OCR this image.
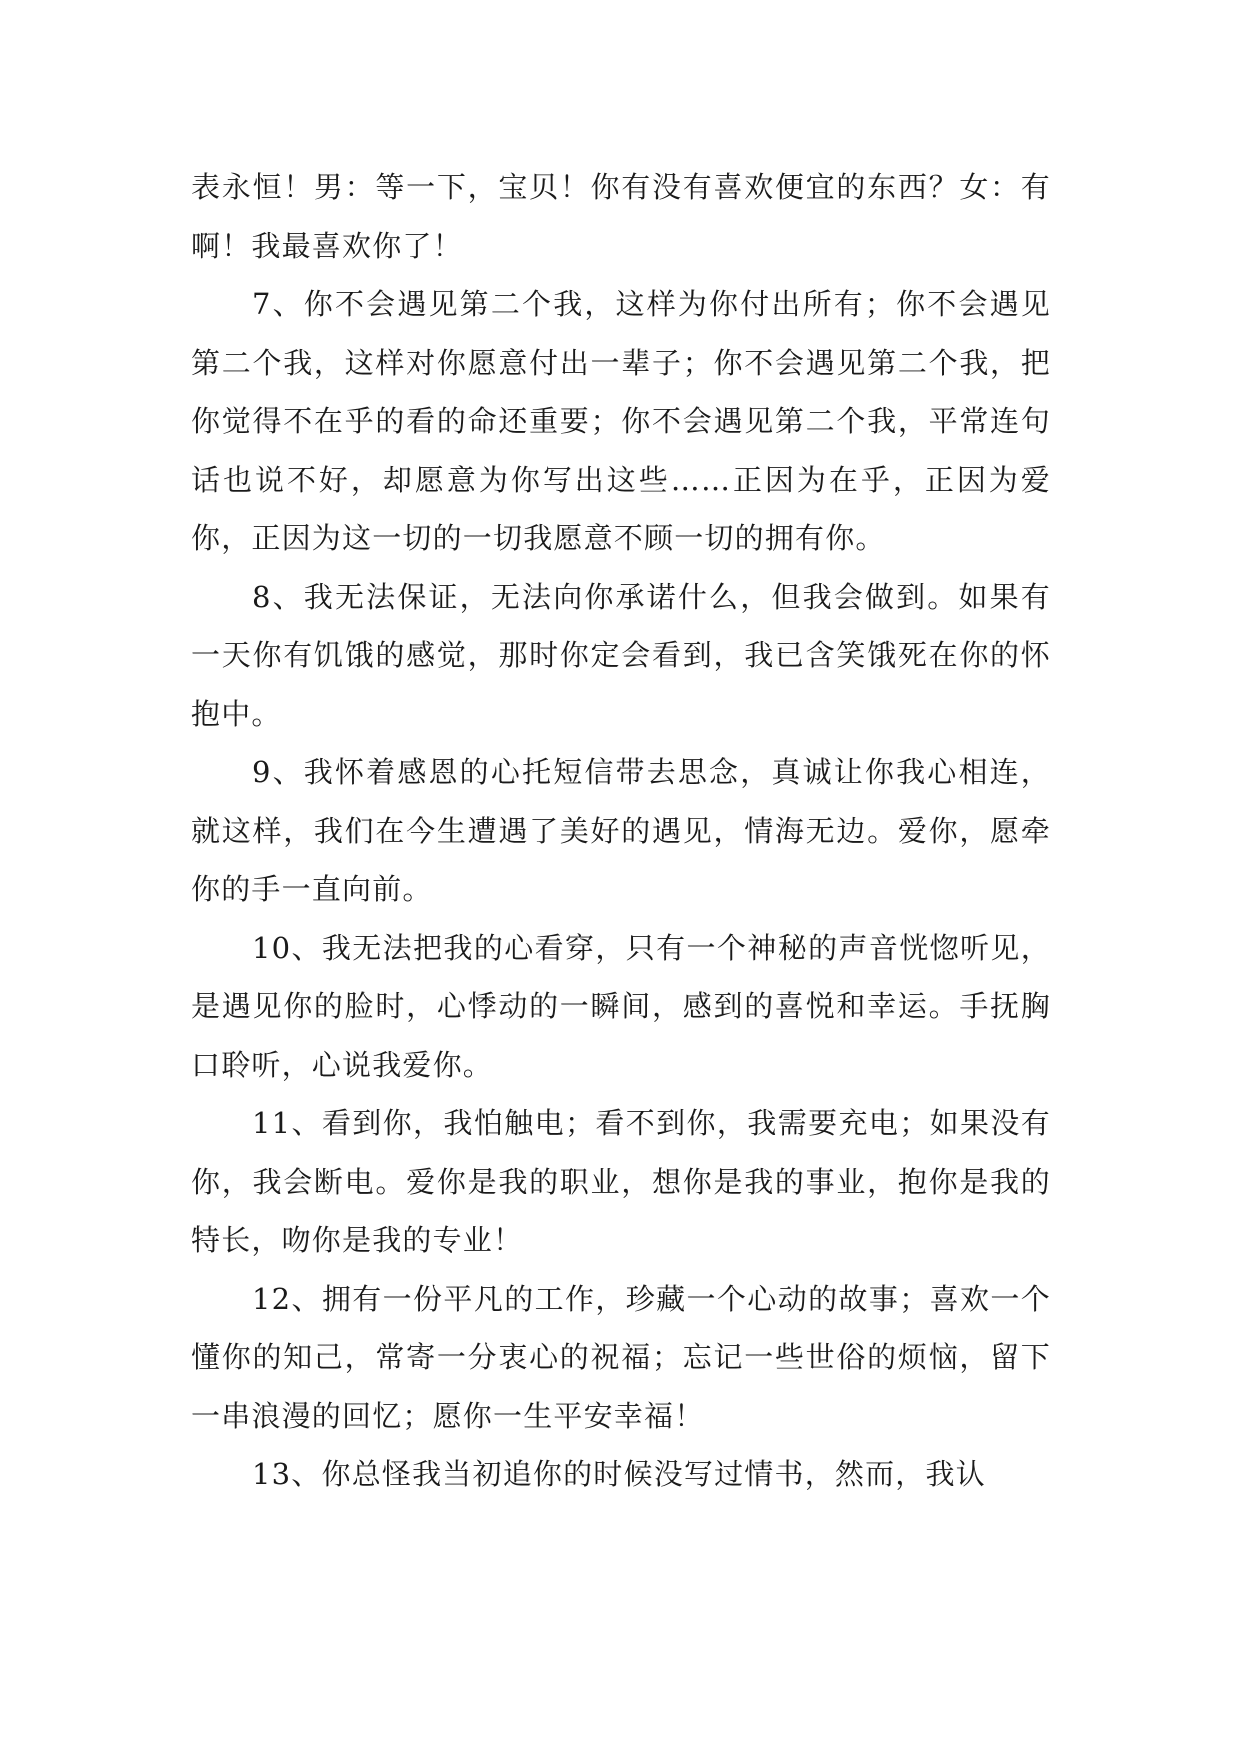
表永恒！男：等一下，宝贝！你有没有喜欢便宜的东西？女：有啊！我最喜欢你了！

7、你不会遇见第二个我，这样为你付出所有；你不会遇见第二个我，这样对你愿意付出一辈子；你不会遇见第二个我，把你觉得不在乎的看的命还重要；你不会遇见第二个我，平常连句话也说不好，却愿意为你写出这些……正因为在乎，正因为爱你，正因为这一切的一切我愿意不顾一切的拥有你。

8、我无法保证，无法向你承诺什么，但我会做到。如果有一天你有饥饿的感觉，那时你定会看到，我已含笑饿死在你的怀抱中。

9、我怀着感恩的心托短信带去思念，真诚让你我心相连，就这样，我们在今生遭遇了美好的遇见，情海无边。爱你，愿牵你的手一直向前。

10、我无法把我的心看穿，只有一个神秘的声音恍惚听见，是遇见你的脸时，心悸动的一瞬间，感到的喜悦和幸运。手抚胸口聆听，心说我爱你。

11、看到你，我怕触电；看不到你，我需要充电；如果没有你，我会断电。爱你是我的职业，想你是我的事业，抱你是我的特长，吻你是我的专业！

12、拥有一份平凡的工作，珍藏一个心动的故事；喜欢一个懂你的知己，常寄一分衷心的祝福；忘记一些世俗的烦恼，留下一串浪漫的回忆；愿你一生平安幸福！

13、你总怪我当初追你的时候没写过情书，然而，我认
